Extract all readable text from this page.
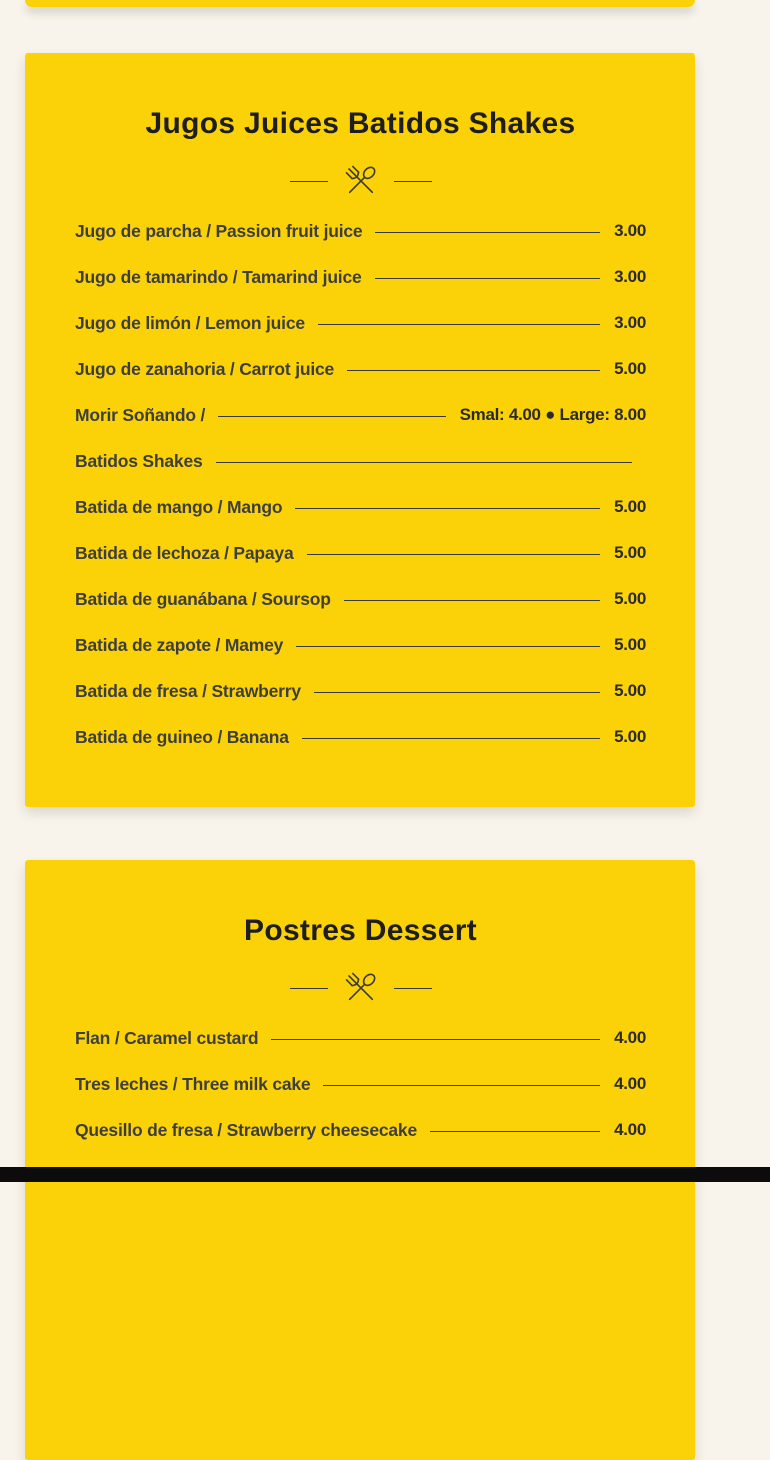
Jugos Juices Batidos Shakes
Jugo de parcha / Passion fruit juice	3.00
Jugo de tamarindo / Tamarind juice	3.00
Jugo de limón / Lemon juice	3.00
Jugo de zanahoria / Carrot juice	5.00
Morir Soñando /	Smal: 4.00 ● Large: 8.00
Batidos Shakes
Batida de mango / Mango	5.00
Batida de lechoza / Papaya	5.00
Batida de guanábana / Soursop	5.00
Batida de zapote / Mamey	5.00
Batida de fresa / Strawberry	5.00
Batida de guineo / Banana	5.00
Postres Dessert
Flan / Caramel custard	4.00
Tres leches / Three milk cake	4.00
Quesillo de fresa / Strawberry cheesecake	4.00
